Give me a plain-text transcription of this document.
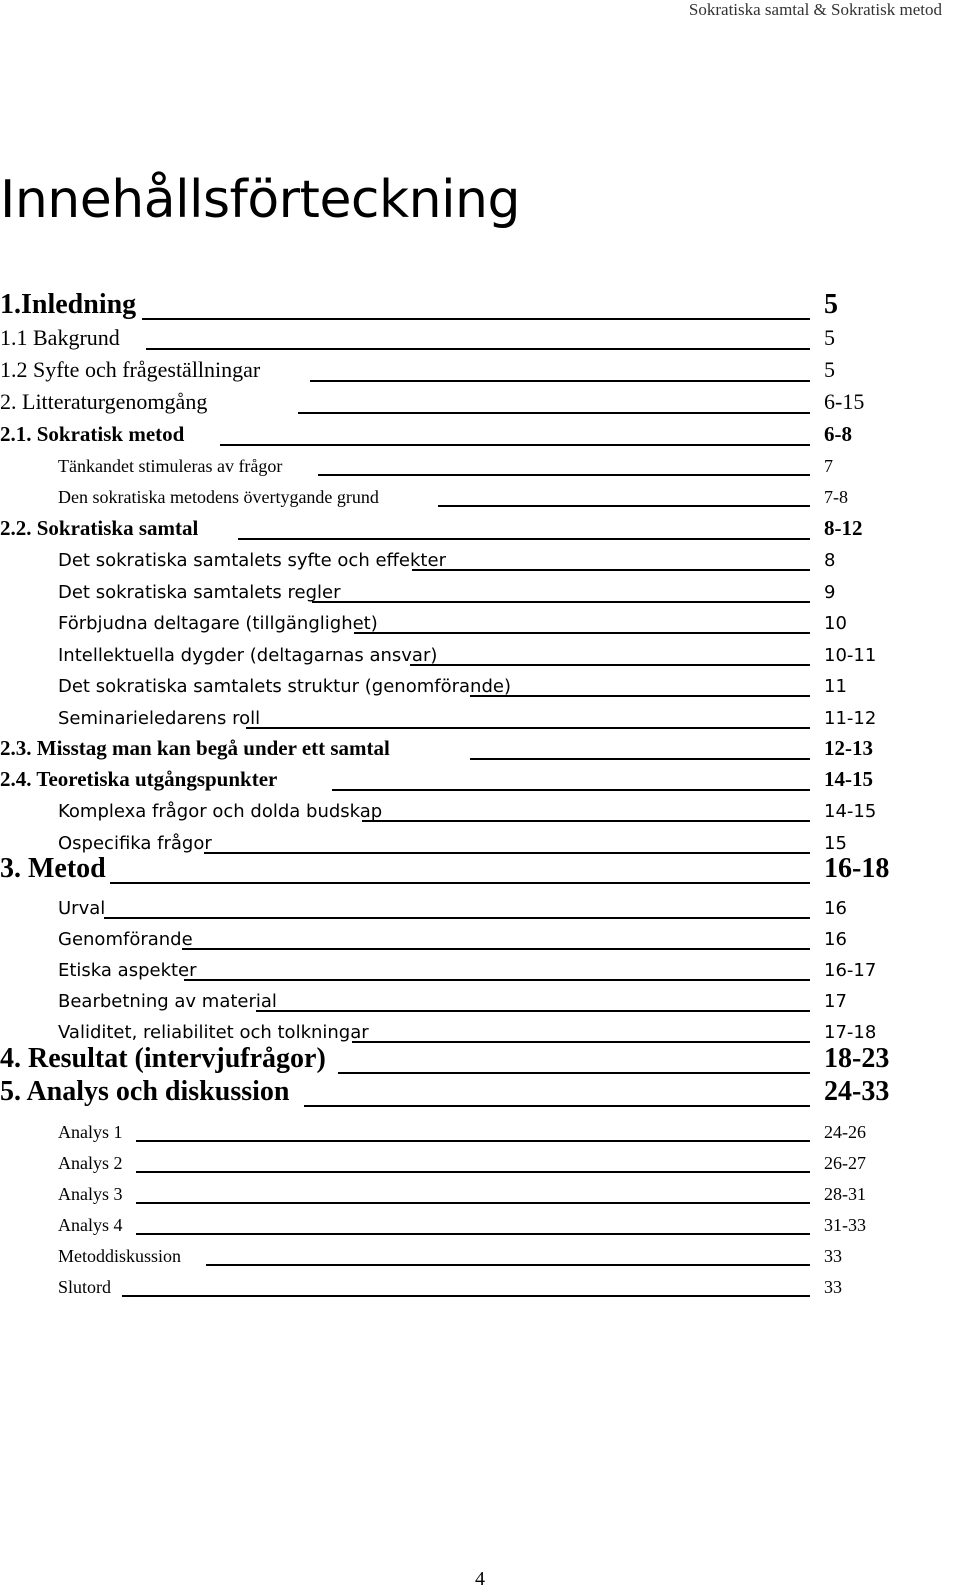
Sokratiska samtal & Sokratisk metod
Innehållsförteckning
1.Inledning	5
1.1 Bakgrund	5
1.2 Syfte och frågeställningar	5
2. Litteraturgenomgång	6-15
2.1. Sokratisk metod	6-8
Tänkandet stimuleras av frågor	7
Den sokratiska metodens övertygande grund	7-8
2.2. Sokratiska samtal	8-12
Det sokratiska samtalets syfte och effekter	8
Det sokratiska samtalets regler	9
Förbjudna deltagare (tillgänglighet)	10
Intellektuella dygder (deltagarnas ansvar)	10-11
Det sokratiska samtalets struktur (genomförande)	11
Seminarieledarens roll	11-12
2.3. Misstag man kan begå under ett samtal	12-13
2.4. Teoretiska utgångspunkter	14-15
Komplexa frågor och dolda budskap	14-15
Ospecifika frågor	15
3. Metod	16-18
Urval	16
Genomförande	16
Etiska aspekter	16-17
Bearbetning av material	17
Validitet, reliabilitet och tolkningar	17-18
4. Resultat (intervjufrågor)	18-23
5. Analys och diskussion	24-33
Analys 1	24-26
Analys 2	26-27
Analys 3	28-31
Analys 4	31-33
Metoddiskussion	33
Slutord	33
4
